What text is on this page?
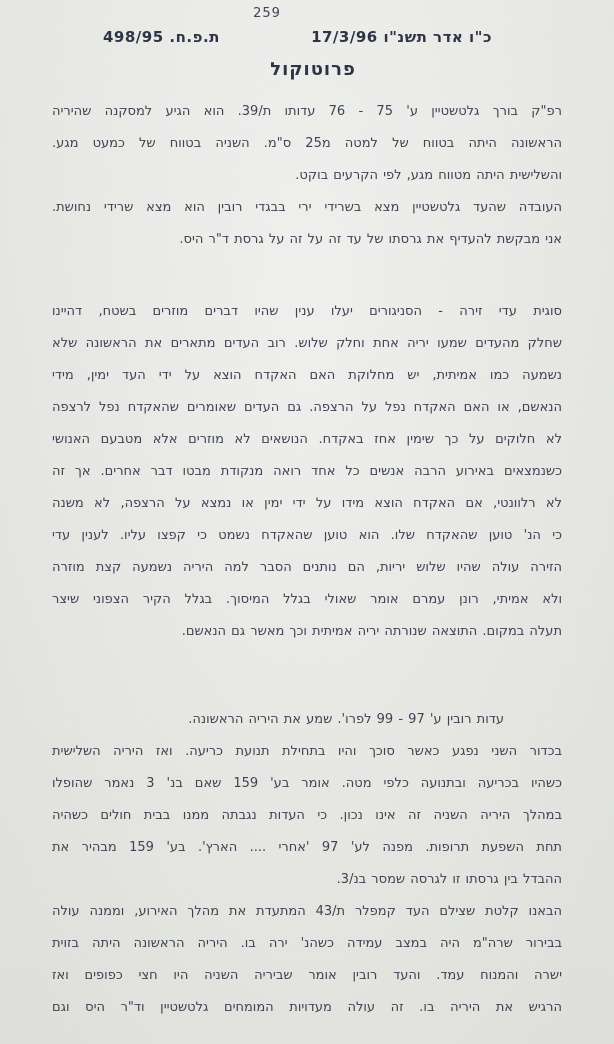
259
כ"ו אדר תשנ"ו 17/3/96
ת.פ.ח. 498/95
פרוטוקול
רפ"ק בורך גלטשטיין ע' 75 - 76 עדותו ת/39. הוא הגיע למסקנה שהיריה
הראשונה היתה בטווח של למטה מ25 ס"מ. השניה בטווח של כמעט מגע.
והשלישית היתה מטווח מגע, לפי הקרעים בוקט.
העובדה שהעד גלטשטיין מצא בשרידי ירי בבגדי רובין הוא מצא שרידי נחושת.
אני מבקשת להעדיף את גרסתו של עד זה על זה על גרסת ד"ר היס.
סוגית עדי זירה - הסניגורים יעלו ענין שהיו דברים מוזרים בשטח, דהיינו
שחלק מהעדים שמעו יריה אחת וחלק שלוש. רוב העדים מתארים את הראשונה שלא
נשמעה כמו אמיתית, יש מחלוקת האם האקדח הוצא על ידי העד ימין, מידי
הנאשם, או האם האקדח נפל על הרצפה. גם העדים שאומרים שהאקדח נפל לרצפה
לא חלוקים על כך שימין אחז באקדח. הנושאים לא מוזרים אלא מטבעם האנושי
כשנמצאים באירוע הרבה אנשים כל אחד רואה מנקודת מבטו דבר אחרים. אך זה
לא רלוונטי, אם האקדח הוצא מידו על ידי ימין או נמצא על הרצפה, לא משנה
כי הנ' טוען שהאקדח שלו. הוא טוען שהאקדח נשמט כי קפצו עליו. לענין עדי
הזירה עולה שהיו שלוש יריות, הם נותנים הסבר למה היריה נשמעה קצת מוזרה
ולא אמיתי, רונן עמרם אומר שאולי בגלל המיסוך. בגלל הקיר הצפוני שיצר
תעלה במקום. התוצאה שנורתה יריה אמיתית וכך מאשר גם הנאשם.
עדות רובין ע' 97 - 99 לפרו'. שמע את היריה הראשונה.
בכדור השני נפגע כאשר סוכך והיו בתחילת תנועת כריעה. ואז היריה השלישית
כשהיו בכריעה ובתנועה כלפי מטה. אומר בע' 159 שאם בנ' 3 נאמר שהופלו
במהלך היריה השניה זה אינו נכון. כי העדות נגבתה ממנו בבית חולים כשהיה
תחת השפעת תרופות. מפנה לע' 97 'אחרי .... הארץ'. בע' 159 מבהיר את
ההבדל בין גרסתו זו לגרסה שמסר בנ/3.
הבאנו קלטת שצילם העד קמפלר ת/43 המתעדת את מהלך האירוע, וממנה עולה
בבירור שרה"מ היה במצב עמידה כשהנ' ירה בו. היריה הראשונה היתה בזוית
ישרה והמנוח עמד. והעד רובין אומר שביריה השניה היו חצי כפופים ואז
הרגיש את היריה בו. זה עולה מעדויות המומחים גלטשטיין וד"ר היס וגם
